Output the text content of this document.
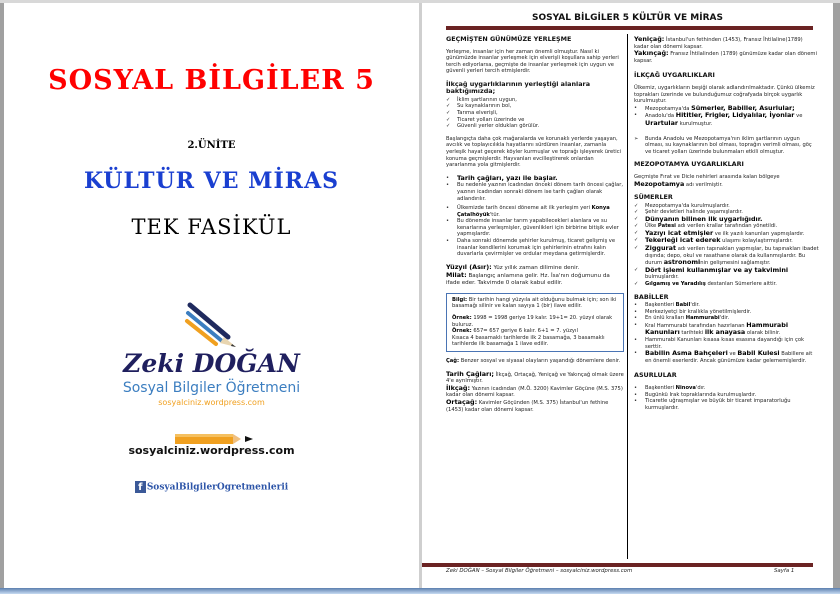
SOSYAL BİLGİLER 5
2.ÜNİTE
KÜLTÜR VE MİRAS
TEK FASİKÜL
Zeki DOĞAN
Sosyal Bilgiler Öğretmeni
sosyalciniz.wordpress.com
sosyalciniz.wordpress.com
f SosyalBilgilerOgretmenlerii
SOSYAL BİLGİLER 5 KÜLTÜR VE MİRAS
GEÇMİŞTEN GÜNÜMÜZE YERLEŞME

Yerleşme, insanlar için her zaman önemli olmuştur. Nasıl ki günümüzde insanlar yerleşmek için elverişli koşullara sahip yerleri tercih ediyorlarsa, geçmişte de insanlar yerleşmek için uygun ve güvenli yerleri tercih etmişlerdir.

İlkçağ uygarlıklarının yerleştiği alanlara baktığımızda;
✓ İklim şartlarının uygun,
✓ Su kaynaklarının bol,
✓ Tarıma elverişli,
✓ Ticaret yolları üzerinde ve
✓ Güvenli yerler oldukları görülür.

Başlangıçta daha çok mağaralarda ve korunaklı yerlerde yaşayan, avcılık ve toplayıcılıkla hayatlarını sürdüren insanlar, zamanla yerleşik hayat geçerek köyler kurmuşlar ve toprağı işleyerek üretici konuma geçmişlerdir. Hayvanları evcilleştirerek onlardan yararlanma yola gitmişlerdir.

• Tarih çağları, yazı ile başlar.
• Bu nedenle yazının icadından önceki dönem tarih öncesi çağlar, yazının icadından sonraki dönem ise tarih çağları olarak adlandırılır.
• Ülkemizde tarih öncesi döneme ait ilk yerleşim yeri Konya Çatalhöyük'tür.
• Bu dönemde insanlar tarım yapabilecekleri alanlara ve su kenarlarına yerleşmişler, güvenlikleri için birbirine bitişik evler yapmışlardır.
• Daha sonraki dönemde şehirler kurulmuş, ticaret gelişmiş ve insanlar kendilerini korumak için şehirlerinin etrafını kalın duvarlarla çevirmişler ve ordular meydana getirmişlerdir.

Yüzyıl (Asır): Yüz yıllık zaman dilimine denir.
Milat: Başlangıç anlamına gelir. Hz. İsa'nın doğumunu da ifade eder. Takvimde 0 olarak kabul edilir.

Bilgi: Bir tarihin hangi yüzyıla ait olduğunu bulmak için; son iki basamağı silinir ve kalan sayıya 1 (bir) ilave edilir.

Örnek: 1998 = 1998 geriye 19 kalır. 19+1= 20. yüzyıl olarak buluruz.
Örnek: 657= 657 geriye 6 kalır. 6+1 = 7. yüzyıl
Kısaca 4 basamaklı tarihlerde ilk 2 basamağa, 3 basamaklı tarihlerde ilk basamağa 1 ilave edilir.

Çağ: Benzer sosyal ve siyasal olayların yaşandığı dönemlere denir.

Tarih Çağları; İlkçağ, Ortaçağ, Yeniçağ ve Yakınçağ olmak üzere 4'e ayrılmıştır.
İlkçağ: Yazının icadından (M.Ö. 3200) Kavimler Göçüne (M.S. 375) kadar olan dönemi kapsar.
Ortaçağ: Kavimler Göçünden (M.S. 375) İstanbul'un fethine (1453) kadar olan dönemi kapsar.

Yeniçağ: İstanbul'un fethinden (1453), Fransız İhtilaline(1789) kadar olan dönemi kapsar.
Yakınçağ: Fransız İhtilalinden (1789) günümüze kadar olan dönemi kapsar.

İLKÇAĞ UYGARLIKLARI

Ülkemiz, uygarlıkların beşiği olarak adlandırılmaktadır. Çünkü ülkemiz toprakları üzerinde ve bulunduğumuz coğrafyada birçok uygarlık kurulmuştur.

• Mezopotamya'da Sümerler, Babiller, Asurlular;
• Anadolu'da Hititler, Frigler, Lidyalılar, İyonlar ve Urartular kurulmuştur.
➢ Bunda Anadolu ve Mezopotamya'nın iklim şartlarının uygun olması, su kaynaklarının bol olması, toprağın verimli olması, göç ve ticaret yolları üzerinde bulunmaları etkili olmuştur.
MEZOPOTAMYA UYGARLIKLARI

Geçmişte Fırat ve Dicle nehirleri arasında kalan bölgeye Mezopotamya adı verilmiştir.

SÜMERLER
✓ Mezopotamya'da kurulmuşlardır.
✓ Şehir devletleri halinde yaşamışlardır.
✓ Dünyanın bilinen ilk uygarlığıdır.
✓ Ülke Patesi adı verilen krallar tarafından yönetildi.
✓ Yazıyı icat etmişler ve ilk yazılı kanunları yapmışlardır.
✓ Tekerleği icat ederek ulaşımı kolaylaştırmışlardır.
✓ Ziggurat adı verilen tapınakları yapmışlar, bu tapınakları ibadet dışında; depo, okul ve rasathane olarak da kullanmışlardır. Bu durum astronominin gelişmesini sağlamıştır.
✓ Dört işlemi kullanmışlar ve ay takvimini bulmuşlardır.
✓ Gılgamış ve Yaradılış destanları Sümerlere aittir.
BABİLLER
• Başkentleri Babil'dir.
• Merkeziyetçi bir krallıkla yönetilmişlerdir.
• En ünlü kralları Hammurabi'dir.
• Kral Hammurabi tarafından hazırlanan Hammurabi Kanunları tarihteki ilk anayasa olarak bilinir.
• Hammurabi Kanunları kısasa kısas esasına dayandığı için çok serttir.
• Babilin Asma Bahçeleri ve Babil Kulesi Babillere ait en önemli eserlerdir. Ancak günümüze kadar gelememişlerdir.
ASURLULAR
• Başkentleri Ninova'dır.
• Bugünkü Irak topraklarında kurulmuşlardır.
• Ticaretle uğraşmışlar ve büyük bir ticaret imparatorluğu kurmuşlardır.
Zeki DOĞAN – Sosyal Bilgiler Öğretmeni – sosyalciniz.wordpress.com	Sayfa 1
